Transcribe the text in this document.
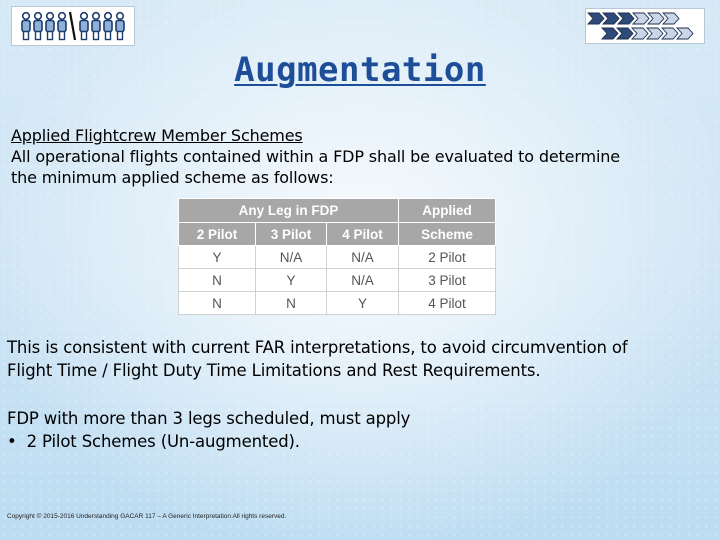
Augmentation
Applied Flightcrew Member Schemes
All operational flights contained within a FDP shall be evaluated to determine
the minimum applied scheme as follows:
Any Leg in FDP			Applied
2 Pilot	3 Pilot	4 Pilot	Scheme
Y	N/A	N/A	2 Pilot
N	Y	N/A	3 Pilot
N	N	Y	4 Pilot
This is consistent with current FAR interpretations, to avoid circumvention of
Flight Time / Flight Duty Time Limitations and Rest Requirements.
FDP with more than 3 legs scheduled, must apply
• 2 Pilot Schemes (Un-augmented).
Copyright © 2015-2016 Understanding GACAR 117 – A Generic Interpretation All rights reserved.
